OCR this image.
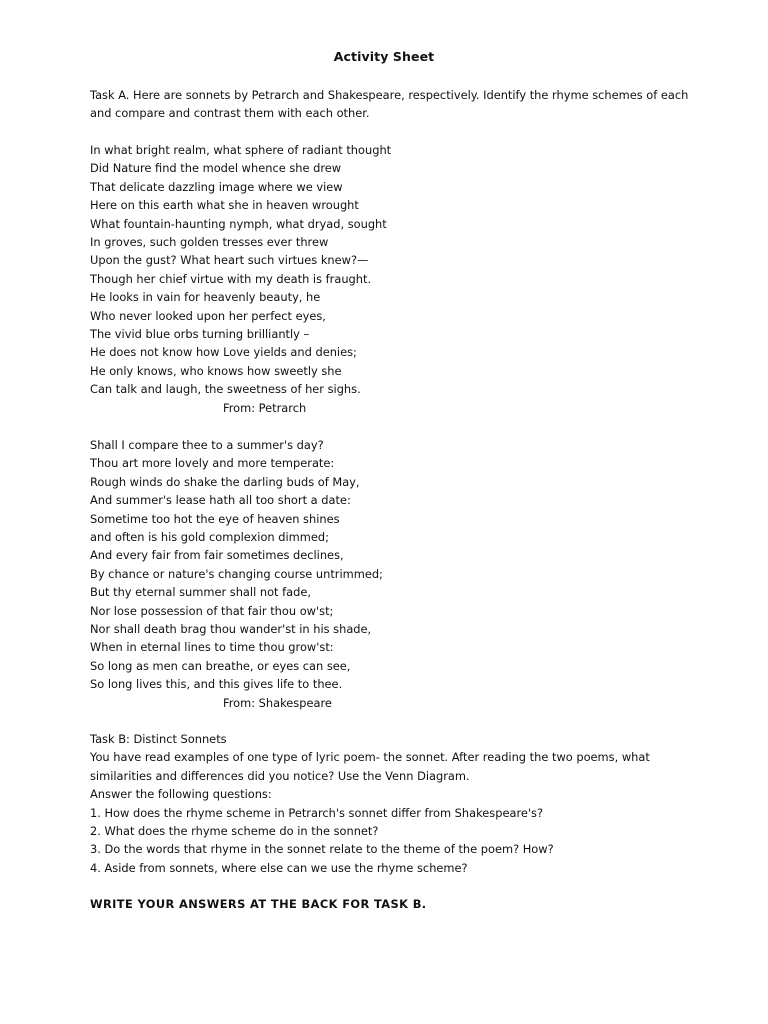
Activity Sheet
Task A. Here are sonnets by Petrarch and Shakespeare, respectively. Identify the rhyme schemes of each
and compare and contrast them with each other.
In what bright realm, what sphere of radiant thought
Did Nature find the model whence she drew
That delicate dazzling image where we view
Here on this earth what she in heaven wrought
What fountain-haunting nymph, what dryad, sought
In groves, such golden tresses ever threw
Upon the gust? What heart such virtues knew?—
Though her chief virtue with my death is fraught.
He looks in vain for heavenly beauty, he
Who never looked upon her perfect eyes,
The vivid blue orbs turning brilliantly –
He does not know how Love yields and denies;
He only knows, who knows how sweetly she
Can talk and laugh, the sweetness of her sighs.
From: Petrarch
Shall I compare thee to a summer's day?
Thou art more lovely and more temperate:
Rough winds do shake the darling buds of May,
And summer's lease hath all too short a date:
Sometime too hot the eye of heaven shines
and often is his gold complexion dimmed;
And every fair from fair sometimes declines,
By chance or nature's changing course untrimmed;
But thy eternal summer shall not fade,
Nor lose possession of that fair thou ow'st;
Nor shall death brag thou wander'st in his shade,
When in eternal lines to time thou grow'st:
So long as men can breathe, or eyes can see,
So long lives this, and this gives life to thee.
From: Shakespeare
Task B: Distinct Sonnets
You have read examples of one type of lyric poem- the sonnet. After reading the two poems, what
similarities and differences did you notice? Use the Venn Diagram.
Answer the following questions:
1. How does the rhyme scheme in Petrarch's sonnet differ from Shakespeare's?
2. What does the rhyme scheme do in the sonnet?
3. Do the words that rhyme in the sonnet relate to the theme of the poem? How?
4. Aside from sonnets, where else can we use the rhyme scheme?
WRITE YOUR ANSWERS AT THE BACK FOR TASK B.
